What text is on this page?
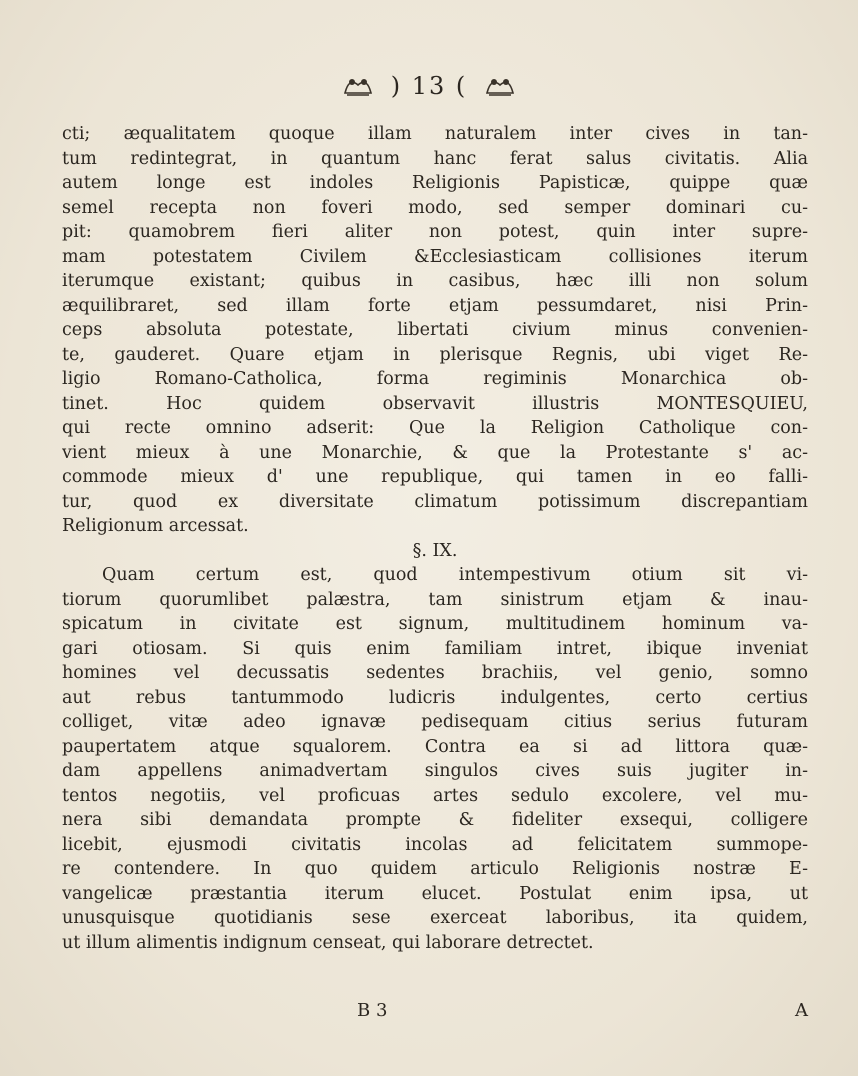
) 13 (
cti; æqualitatem quoque illam naturalem inter cives in tan-
tum redintegrat, in quantum hanc ferat salus civitatis. Alia
autem longe est indoles Religionis Papisticæ, quippe quæ
semel recepta non foveri modo, sed semper dominari cu-
pit: quamobrem fieri aliter non potest, quin inter supre-
mam potestatem Civilem &Ecclesiasticam collisiones iterum
iterumque existant; quibus in casibus, hæc illi non solum
æquilibraret, sed illam forte etjam pessumdaret, nisi Prin-
ceps absoluta potestate, libertati civium minus convenien-
te, gauderet. Quare etjam in plerisque Regnis, ubi viget Re-
ligio Romano-Catholica, forma regiminis Monarchica ob-
tinet. Hoc quidem observavit illustris MONTESQUIEU,
qui recte omnino adserit: Que la Religion Catholique con-
vient mieux à une Monarchie, & que la Protestante s' ac-
commode mieux d' une republique, qui tamen in eo falli-
tur, quod ex diversitate climatum potissimum discrepantiam
Religionum arcessat.
§. IX.
Quam certum est, quod intempestivum otium sit vi-
tiorum quorumlibet palæstra, tam sinistrum etjam & inau-
spicatum in civitate est signum, multitudinem hominum va-
gari otiosam. Si quis enim familiam intret, ibique inveniat
homines vel decussatis sedentes brachiis, vel genio, somno
aut rebus tantummodo ludicris indulgentes, certo certius
colliget, vitæ adeo ignavæ pedisequam citius serius futuram
paupertatem atque squalorem. Contra ea si ad littora quæ-
dam appellens animadvertam singulos cives suis jugiter in-
tentos negotiis, vel proficuas artes sedulo excolere, vel mu-
nera sibi demandata prompte & fideliter exsequi, colligere
licebit, ejusmodi civitatis incolas ad felicitatem summope-
re contendere. In quo quidem articulo Religionis nostræ E-
vangelicæ præstantia iterum elucet. Postulat enim ipsa, ut
unusquisque quotidianis sese exerceat laboribus, ita quidem,
ut illum alimentis indignum censeat, qui laborare detrectet.
B 3	A
